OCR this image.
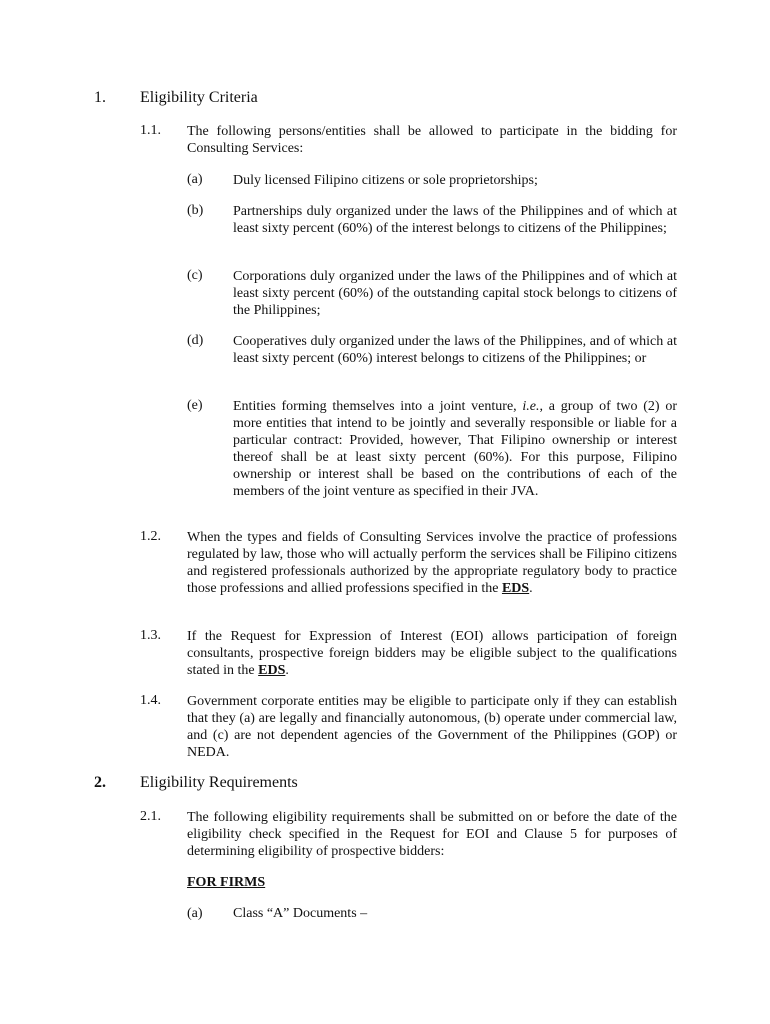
1. Eligibility Criteria
1.1. The following persons/entities shall be allowed to participate in the bidding for Consulting Services:
(a) Duly licensed Filipino citizens or sole proprietorships;
(b) Partnerships duly organized under the laws of the Philippines and of which at least sixty percent (60%) of the interest belongs to citizens of the Philippines;
(c) Corporations duly organized under the laws of the Philippines and of which at least sixty percent (60%) of the outstanding capital stock belongs to citizens of the Philippines;
(d) Cooperatives duly organized under the laws of the Philippines, and of which at least sixty percent (60%) interest belongs to citizens of the Philippines; or
(e) Entities forming themselves into a joint venture, i.e., a group of two (2) or more entities that intend to be jointly and severally responsible or liable for a particular contract: Provided, however, That Filipino ownership or interest thereof shall be at least sixty percent (60%). For this purpose, Filipino ownership or interest shall be based on the contributions of each of the members of the joint venture as specified in their JVA.
1.2. When the types and fields of Consulting Services involve the practice of professions regulated by law, those who will actually perform the services shall be Filipino citizens and registered professionals authorized by the appropriate regulatory body to practice those professions and allied professions specified in the EDS.
1.3. If the Request for Expression of Interest (EOI) allows participation of foreign consultants, prospective foreign bidders may be eligible subject to the qualifications stated in the EDS.
1.4. Government corporate entities may be eligible to participate only if they can establish that they (a) are legally and financially autonomous, (b) operate under commercial law, and (c) are not dependent agencies of the Government of the Philippines (GOP) or NEDA.
2. Eligibility Requirements
2.1. The following eligibility requirements shall be submitted on or before the date of the eligibility check specified in the Request for EOI and Clause 5 for purposes of determining eligibility of prospective bidders:
FOR FIRMS
(a) Class “A” Documents –
